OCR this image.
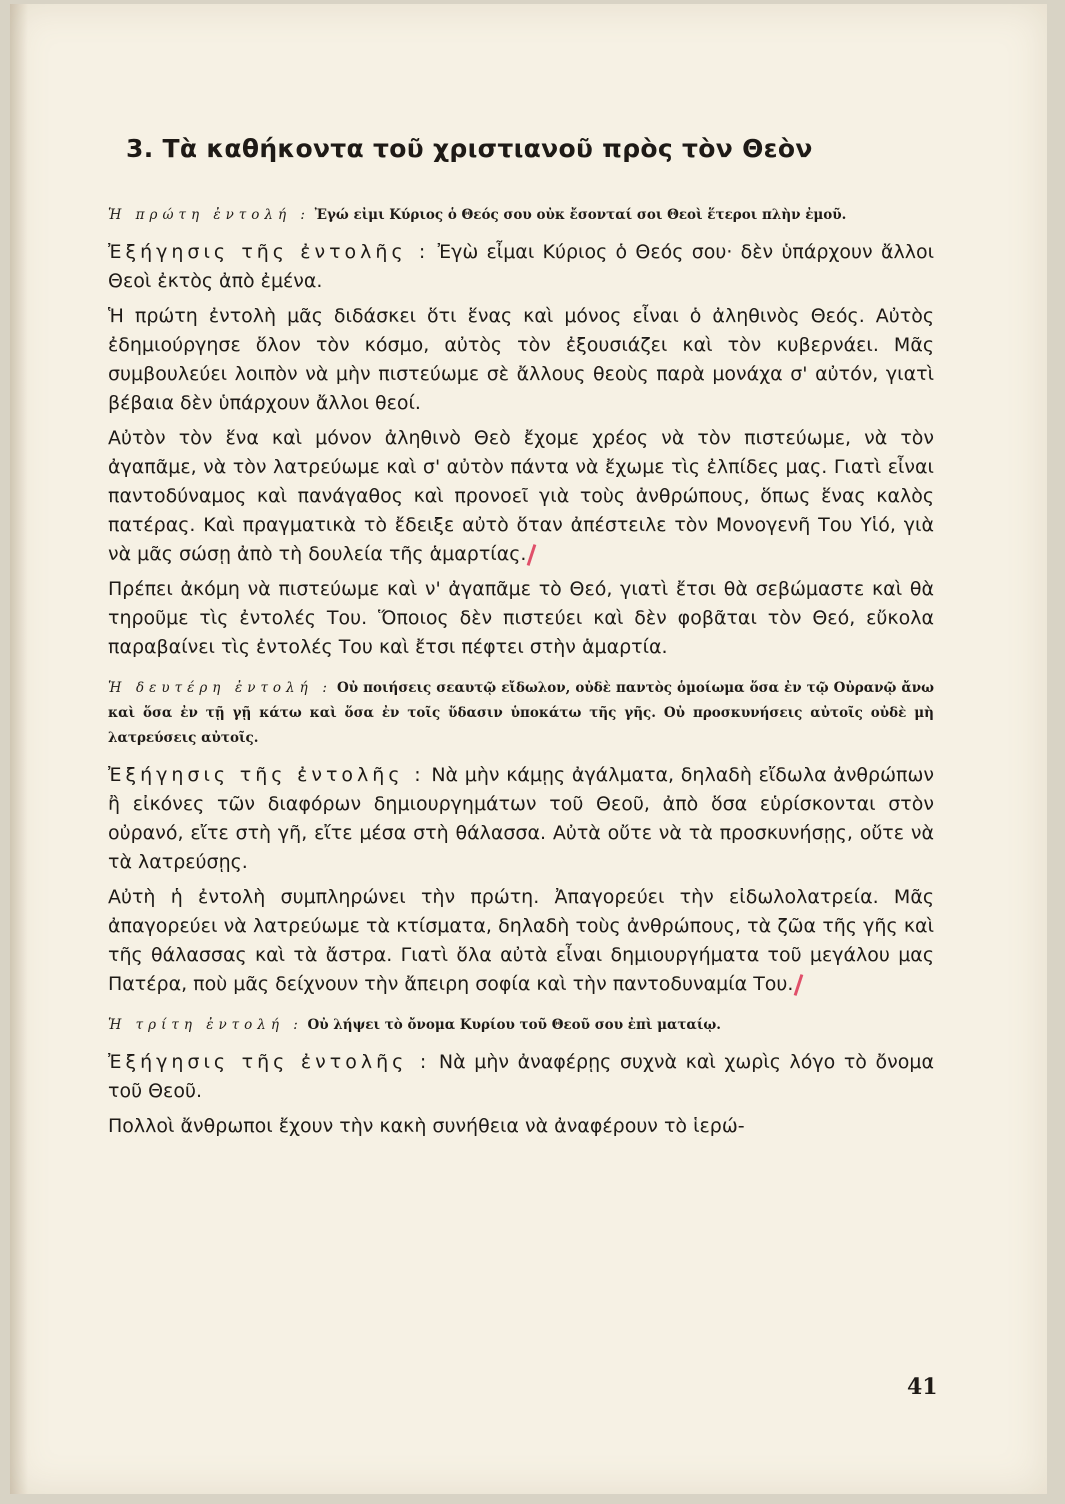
3. Τὰ καθήκοντα τοῦ χριστιανοῦ πρὸς τὸν Θεὸν
Ἡ πρώτη ἐντολή : Ἐγώ εἰμι Κύριος ὁ Θεός σου οὐκ ἔσονταί σοι Θεοὶ ἕτεροι πλὴν ἐμοῦ.

Ἐξήγησις τῆς ἐντολῆς : Ἐγὼ εἶμαι Κύριος ὁ Θεός σου· δὲν ὑπάρχουν ἄλλοι Θεοὶ ἐκτὸς ἀπὸ ἐμένα.

Ἡ πρώτη ἐντολὴ μᾶς διδάσκει ὅτι ἕνας καὶ μόνος εἶναι ὁ ἀληθινὸς Θεός. Αὐτὸς ἐδημιούργησε ὅλον τὸν κόσμο, αὐτὸς τὸν ἐξουσιάζει καὶ τὸν κυβερνάει. Μᾶς συμβουλεύει λοιπὸν νὰ μὴν πιστεύωμε σὲ ἄλλους θεοὺς παρὰ μονάχα σ' αὐτόν, γιατὶ βέβαια δὲν ὑπάρχουν ἄλλοι θεοί.

Αὐτὸν τὸν ἕνα καὶ μόνον ἀληθινὸ Θεὸ ἔχομε χρέος νὰ τὸν πιστεύωμε, νὰ τὸν ἀγαπᾶμε, νὰ τὸν λατρεύωμε καὶ σ' αὐτὸν πάντα νὰ ἔχωμε τὶς ἐλπίδες μας. Γιατὶ εἶναι παντοδύναμος καὶ πανάγαθος καὶ προνοεῖ γιὰ τοὺς ἀνθρώπους, ὅπως ἕνας καλὸς πατέρας. Καὶ πραγματικὰ τὸ ἔδειξε αὐτὸ ὅταν ἀπέστειλε τὸν Μονογενῆ Του Υἱό, γιὰ νὰ μᾶς σώσῃ ἀπὸ τὴ δουλεία τῆς ἁμαρτίας.

Πρέπει ἀκόμη νὰ πιστεύωμε καὶ ν' ἀγαπᾶμε τὸ Θεό, γιατὶ ἔτσι θὰ σεβώμαστε καὶ θὰ τηροῦμε τὶς ἐντολές Του. Ὅποιος δὲν πιστεύει καὶ δὲν φοβᾶται τὸν Θεό, εὔκολα παραβαίνει τὶς ἐντολές Του καὶ ἔτσι πέφτει στὴν ἁμαρτία.

Ἡ δευτέρη ἐντολή : Οὐ ποιήσεις σεαυτῷ εἴδωλον, οὐδὲ παντὸς ὁμοίωμα ὅσα ἐν τῷ Οὐρανῷ ἄνω καὶ ὅσα ἐν τῇ γῇ κάτω καὶ ὅσα ἐν τοῖς ὕδασιν ὑποκάτω τῆς γῆς. Οὐ προσκυνήσεις αὐτοῖς οὐδὲ μὴ λατρεύσεις αὐτοῖς.

Ἐξήγησις τῆς ἐντολῆς : Νὰ μὴν κάμῃς ἀγάλματα, δηλαδὴ εἴδωλα ἀνθρώπων ἢ εἰκόνες τῶν διαφόρων δημιουργημάτων τοῦ Θεοῦ, ἀπὸ ὅσα εὑρίσκονται στὸν οὐρανό, εἴτε στὴ γῆ, εἴτε μέσα στὴ θάλασσα. Αὐτὰ οὔτε νὰ τὰ προσκυνήσῃς, οὔτε νὰ τὰ λατρεύσῃς.

Αὐτὴ ἡ ἐντολὴ συμπληρώνει τὴν πρώτη. Ἀπαγορεύει τὴν εἰδωλολατρεία. Μᾶς ἀπαγορεύει νὰ λατρεύωμε τὰ κτίσματα, δηλαδὴ τοὺς ἀνθρώπους, τὰ ζῶα τῆς γῆς καὶ τῆς θάλασσας καὶ τὰ ἄστρα. Γιατὶ ὅλα αὐτὰ εἶναι δημιουργήματα τοῦ μεγάλου μας Πατέρα, ποὺ μᾶς δείχνουν τὴν ἄπειρη σοφία καὶ τὴν παντοδυναμία Του.

Ἡ τρίτη ἐντολή : Οὐ λήψει τὸ ὄνομα Κυρίου τοῦ Θεοῦ σου ἐπὶ ματαίῳ.

Ἐξήγησις τῆς ἐντολῆς : Νὰ μὴν ἀναφέρῃς συχνὰ καὶ χωρὶς λόγο τὸ ὄνομα τοῦ Θεοῦ.

Πολλοὶ ἄνθρωποι ἔχουν τὴν κακὴ συνήθεια νὰ ἀναφέρουν τὸ ἱερώ-

41
